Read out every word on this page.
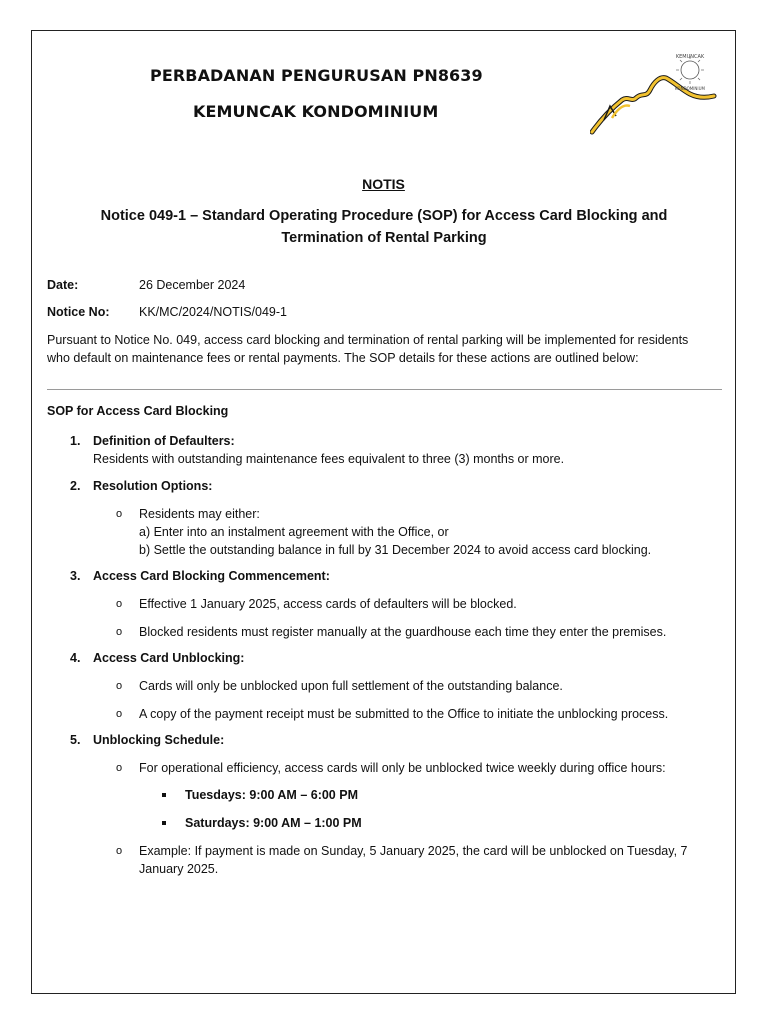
PERBADANAN PENGURUSAN PN8639
KEMUNCAK KONDOMINIUM
KEMUNCAK
KONDOMINIUM
NOTIS
Notice 049-1 – Standard Operating Procedure (SOP) for Access Card Blocking and
Termination of Rental Parking
Date:	26 December 2024
Notice No: KK/MC/2024/NOTIS/049-1
Pursuant to Notice No. 049, access card blocking and termination of rental parking will be implemented for residents
who default on maintenance fees or rental payments. The SOP details for these actions are outlined below:
SOP for Access Card Blocking
1. Definition of Defaulters:
Residents with outstanding maintenance fees equivalent to three (3) months or more.
2. Resolution Options:
o Residents may either:
a) Enter into an instalment agreement with the Office, or
b) Settle the outstanding balance in full by 31 December 2024 to avoid access card blocking.
3. Access Card Blocking Commencement:
o Effective 1 January 2025, access cards of defaulters will be blocked.
o Blocked residents must register manually at the guardhouse each time they enter the premises.
4. Access Card Unblocking:
o Cards will only be unblocked upon full settlement of the outstanding balance.
o A copy of the payment receipt must be submitted to the Office to initiate the unblocking process.
5. Unblocking Schedule:
o For operational efficiency, access cards will only be unblocked twice weekly during office hours:
Tuesdays: 9:00 AM – 6:00 PM
Saturdays: 9:00 AM – 1:00 PM
o Example: If payment is made on Sunday, 5 January 2025, the card will be unblocked on Tuesday, 7
January 2025.
